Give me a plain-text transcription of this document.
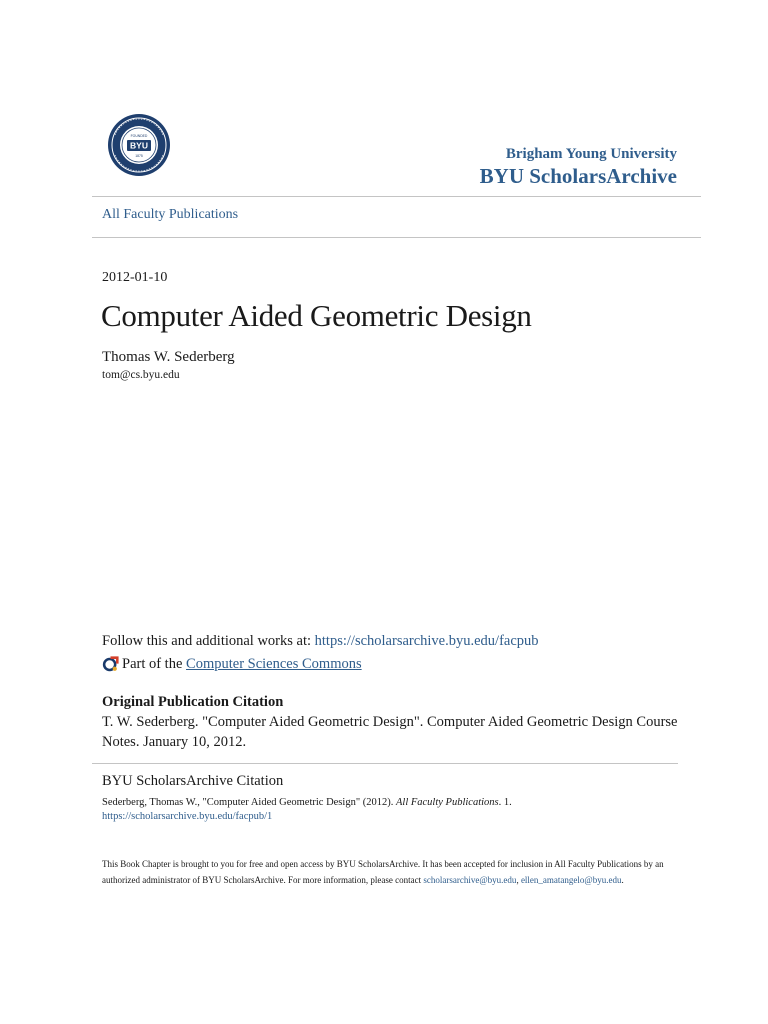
FOUNDED
BYU
1875	Brigham Young University
BYU ScholarsArchive
All Faculty Publications
2012-01-10
Computer Aided Geometric Design
Thomas W. Sederberg
tom@cs.byu.edu
Follow this and additional works at: https://scholarsarchive.byu.edu/facpub
Part of the
Computer Sciences Commons
Original Publication Citation
T. W. Sederberg. "Computer Aided Geometric Design". Computer Aided Geometric Design Course Notes. January 10, 2012.
BYU ScholarsArchive Citation
Sederberg, Thomas W., "Computer Aided Geometric Design" (2012). All Faculty Publications. 1.
https://scholarsarchive.byu.edu/facpub/1
This Book Chapter is brought to you for free and open access by BYU ScholarsArchive. It has been accepted for inclusion in All Faculty Publications by an authorized administrator of BYU ScholarsArchive. For more information, please contact scholarsarchive@byu.edu, ellen_amatangelo@byu.edu.
